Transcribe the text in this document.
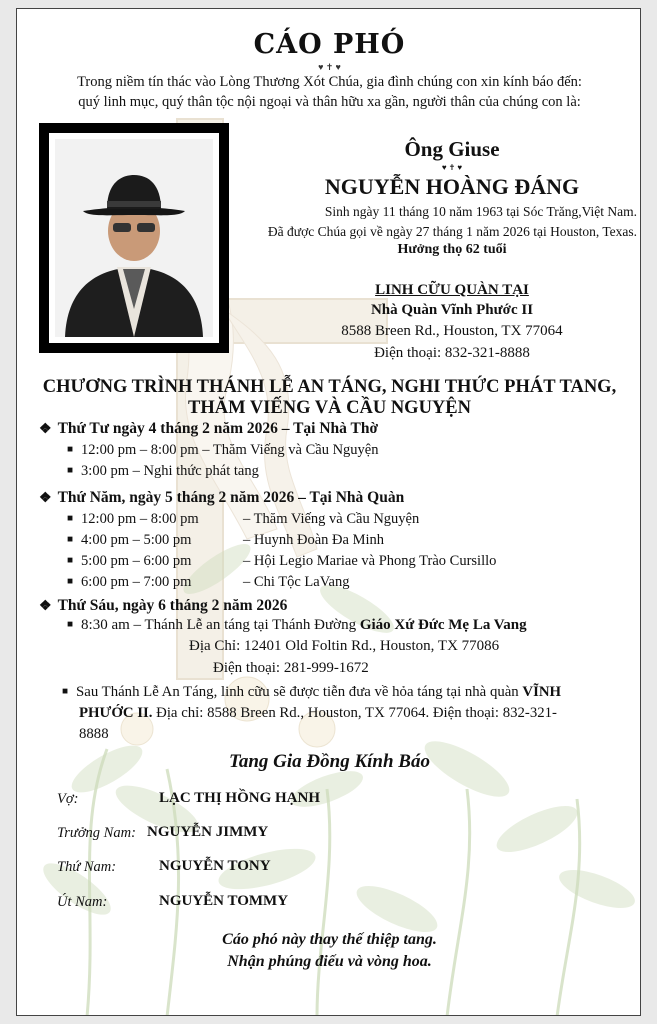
CÁO PHÓ
♥ ✝ ♥
Trong niềm tín thác vào Lòng Thương Xót Chúa, gia đình chúng con xin kính báo đến:
quý linh mục, quý thân tộc nội ngoại và thân hữu xa gần, người thân của chúng con là:
Ông Giuse
♥ ✝ ♥
NGUYỄN HOÀNG ĐÁNG
Sinh ngày 11 tháng 10 năm 1963 tại Sóc Trăng,Việt Nam.
Đã được Chúa gọi về ngày 27 tháng 1 năm 2026 tại Houston, Texas.
Hưởng thọ 62 tuổi
LINH CỮU QUÀN TẠI
Nhà Quàn Vĩnh Phước II
8588 Breen Rd., Houston, TX 77064
Điện thoại: 832-321-8888
CHƯƠNG TRÌNH THÁNH LỄ AN TÁNG, NGHI THỨC PHÁT TANG,
THĂM VIẾNG VÀ CẦU NGUYỆN
❖ Thứ Tư ngày 4 tháng 2 năm 2026 – Tại Nhà Thờ
■ 12:00 pm – 8:00 pm – Thăm Viếng và Cầu Nguyện
■ 3:00 pm – Nghi thức phát tang
❖ Thứ Năm, ngày 5 tháng 2 năm 2026 – Tại Nhà Quàn
■ 12:00 pm – 8:00 pm	– Thăm Viếng và Cầu Nguyện
■ 4:00 pm – 5:00 pm	– Huynh Đoàn Đa Minh
■ 5:00 pm – 6:00 pm	– Hội Legio Mariae và Phong Trào Cursillo
■ 6:00 pm – 7:00 pm	– Chi Tộc LaVang
❖ Thứ Sáu, ngày 6 tháng 2 năm 2026
■ 8:30 am – Thánh Lễ an táng tại Thánh Đường Giáo Xứ Đức Mẹ La Vang
Địa Chỉ: 12401 Old Foltin Rd., Houston, TX 77086
Điện thoại: 281-999-1672
■ Sau Thánh Lễ An Táng, linh cữu sẽ được tiễn đưa về hỏa táng tại nhà quàn VĨNH
PHƯỚC II. Địa chỉ: 8588 Breen Rd., Houston, TX 77064. Điện thoại: 832-321-
8888
Tang Gia Đồng Kính Báo
Vợ:	LẠC THỊ HỒNG HẠNH
Trưởng Nam: NGUYỄN JIMMY
Thứ Nam:	NGUYỄN TONY
Út Nam:	NGUYỄN TOMMY
Cáo phó này thay thế thiệp tang.
Nhận phúng điếu và vòng hoa.
